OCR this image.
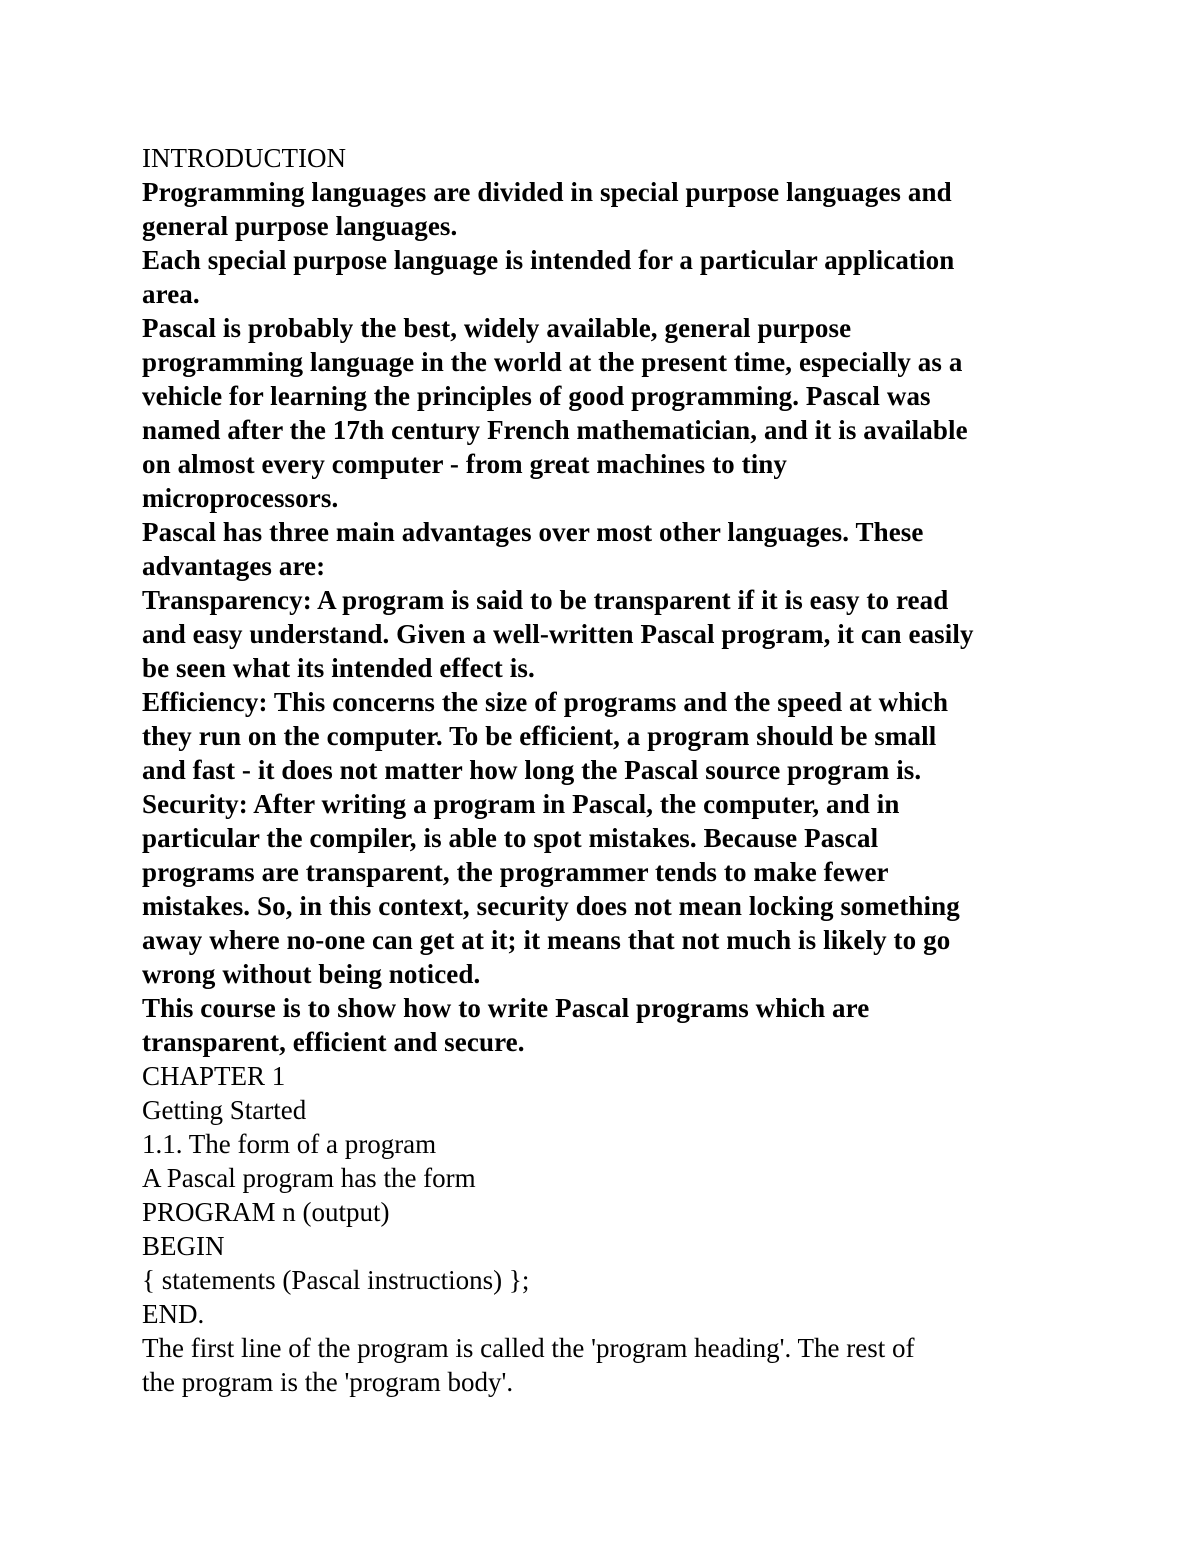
INTRODUCTION

Programming languages are divided in special purpose languages and

general purpose languages.

Each special purpose language is intended for a particular application

area.

Pascal is probably the best, widely available, general purpose

programming language in the world at the present time, especially as a

vehicle for learning the principles of good programming. Pascal was

named after the 17th century French mathematician, and it is available

on almost every computer - from great machines to tiny

microprocessors.

Pascal has three main advantages over most other languages. These

advantages are:

Transparency: A program is said to be transparent if it is easy to read

and easy understand. Given a well-written Pascal program, it can easily

be seen what its intended effect is.

Efficiency: This concerns the size of programs and the speed at which

they run on the computer. To be efficient, a program should be small

and fast - it does not matter how long the Pascal source program is.

Security: After writing a program in Pascal, the computer, and in

particular the compiler, is able to spot mistakes. Because Pascal

programs are transparent, the programmer tends to make fewer

mistakes. So, in this context, security does not mean locking something

away where no-one can get at it; it means that not much is likely to go

wrong without being noticed.

This course is to show how to write Pascal programs which are

transparent, efficient and secure.

CHAPTER 1

Getting Started

1.1. The form of a program

A Pascal program has the form

PROGRAM n (output)

BEGIN

{ statements (Pascal instructions) };

END.

The first line of the program is called the 'program heading'. The rest of

the program is the 'program body'.
